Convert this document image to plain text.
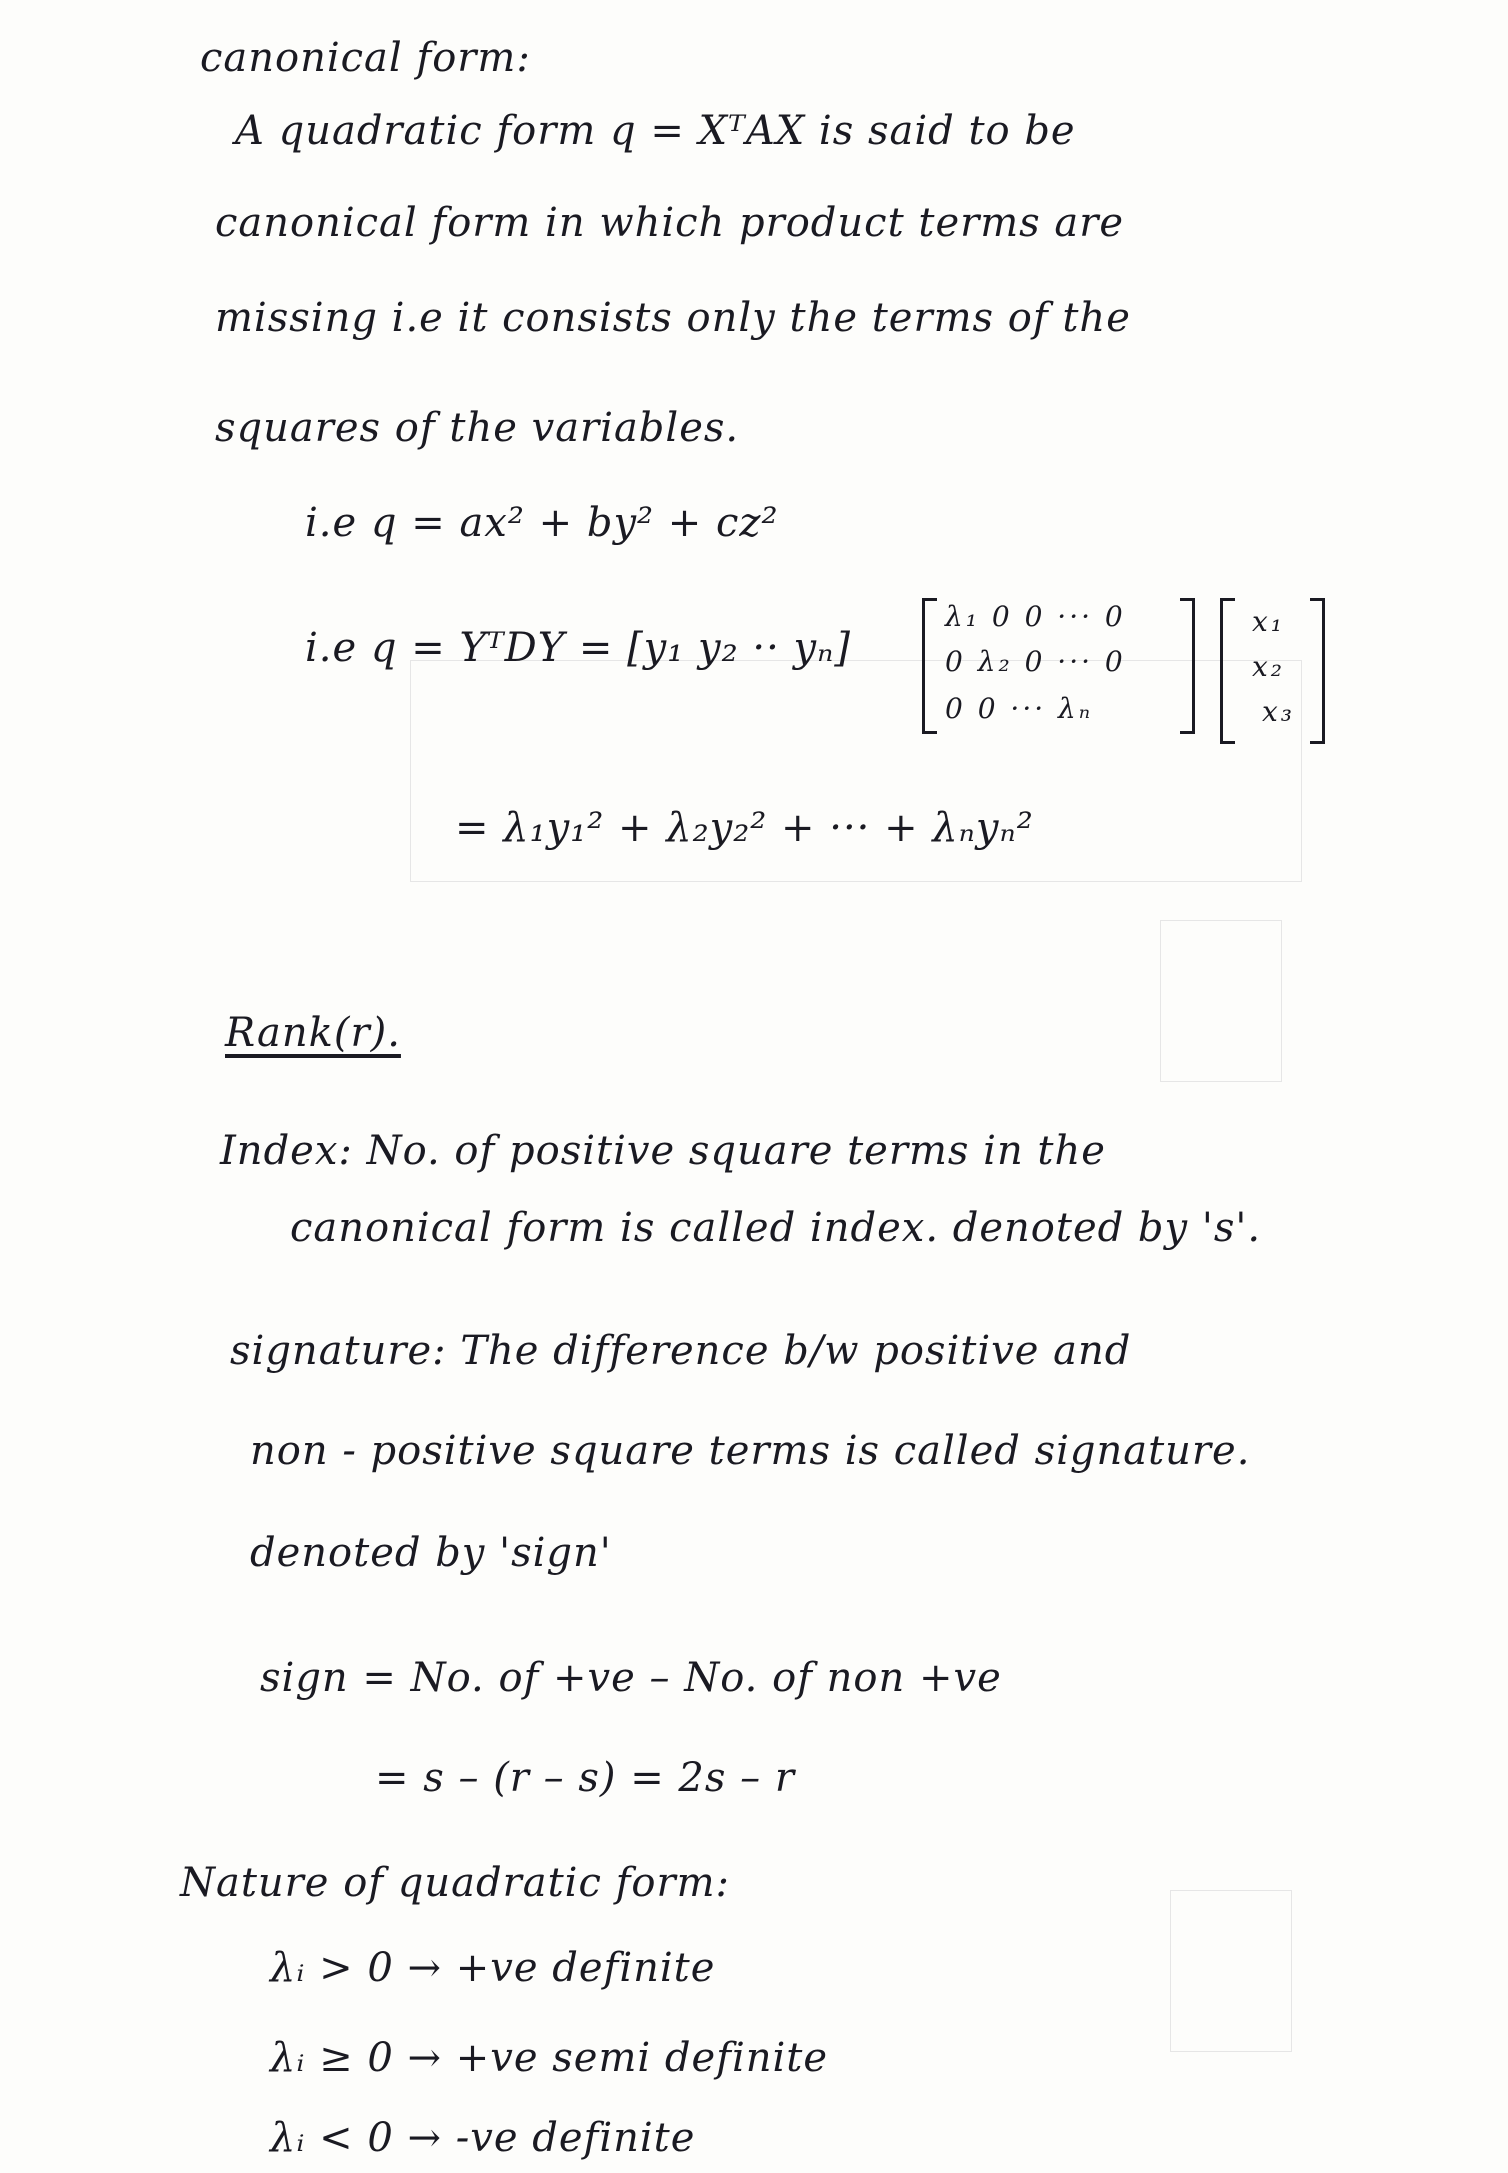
canonical form:
A quadratic form q = XᵀAX is said to be
canonical form in which product terms are
missing i.e it consists only the terms of the
squares of the variables.
i.e q = ax² + by² + cz²
i.e q = YᵀDY = [y₁ y₂ ·· yₙ]
λ₁ 0 0 ··· 0
0 λ₂ 0 ··· 0
0 0 ··· λₙ
x₁
x₂
x₃
= λ₁y₁² + λ₂y₂² + ··· + λₙyₙ²
Rank(r).
Index: No. of positive square terms in the
canonical form is called index. denoted by 's'.
signature: The difference b/w positive and
non - positive square terms is called signature.
denoted by 'sign'
sign = No. of +ve – No. of non +ve
= s – (r – s) = 2s – r
Nature of quadratic form:
λᵢ > 0 → +ve definite
λᵢ ≥ 0 → +ve semi definite
λᵢ < 0 → -ve definite
